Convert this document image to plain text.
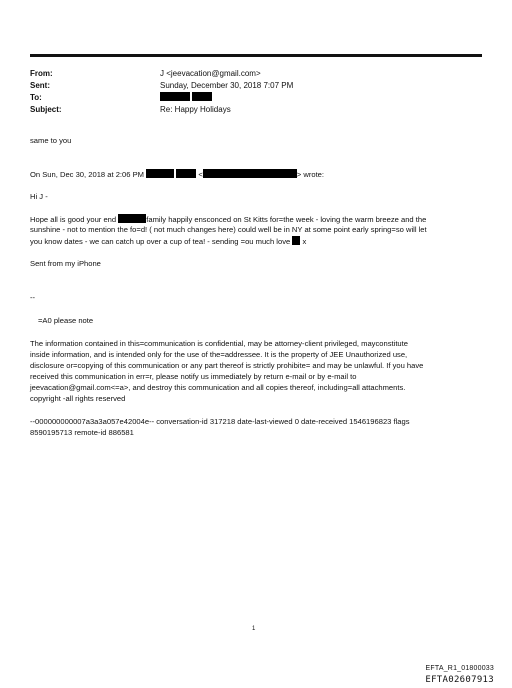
From:	J <jeevacation@gmail.com>
Sent:	Sunday, December 30, 2018 7:07 PM
To:

Subject:	Re: Happy Holidays
same to you
On Sun, Dec 30, 2018 at 2:06 PM	<	> wrote:
Hi J -
Hope all is good your end	family happily ensconced on St Kitts for=the week - loving the warm breeze and the
sunshine - not to mention the fo=d! ( not much changes here) could well be in NY at some point early spring=so will let
you know dates - we can catch up over a cup of tea! - sending =ou much love x
Sent from my iPhone
--
=A0 please note
The information contained in this=communication is confidential, may be attorney-client privileged, mayconstitute
inside information, and is intended only for the use of the=addressee. It is the property of JEE Unauthorized use,
disclosure or=copying of this communication or any part thereof is strictly prohibite= and may be unlawful. If you have
received this communication in err=r, please notify us immediately by return e-mail or by e-mail to
jeevacation@gmail.com<=a>, and destroy this communication and all copies thereof, including=all attachments.
copyright -all rights reserved
--000000000007a3a3a057e42004e-- conversation-id 317218 date-last-viewed 0 date-received 1546196823 flags
8590195713 remote-id 886581
1
EFTA_R1_01800033
EFTA02607913
